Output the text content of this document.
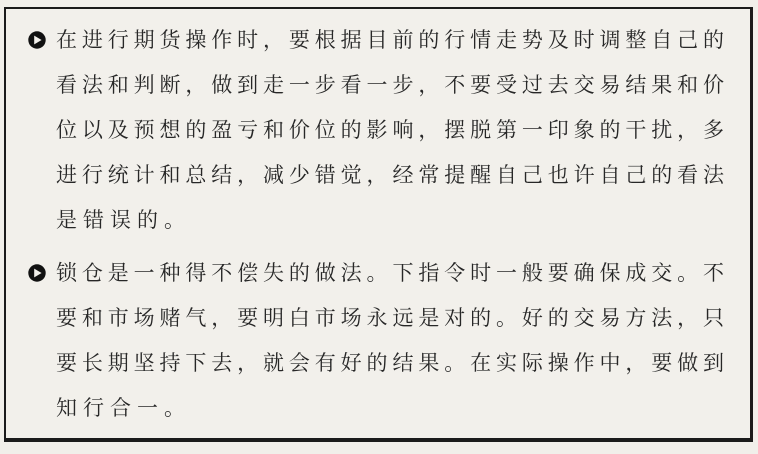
在进行期货操作时，要根据目前的行情走势及时调整自己的
看法和判断，做到走一步看一步，不要受过去交易结果和价
位以及预想的盈亏和价位的影响，摆脱第一印象的干扰，多
进行统计和总结，减少错觉，经常提醒自己也许自己的看法
是错误的。
锁仓是一种得不偿失的做法。下指令时一般要确保成交。不
要和市场赌气，要明白市场永远是对的。好的交易方法，只
要长期坚持下去，就会有好的结果。在实际操作中，要做到
知行合一。
